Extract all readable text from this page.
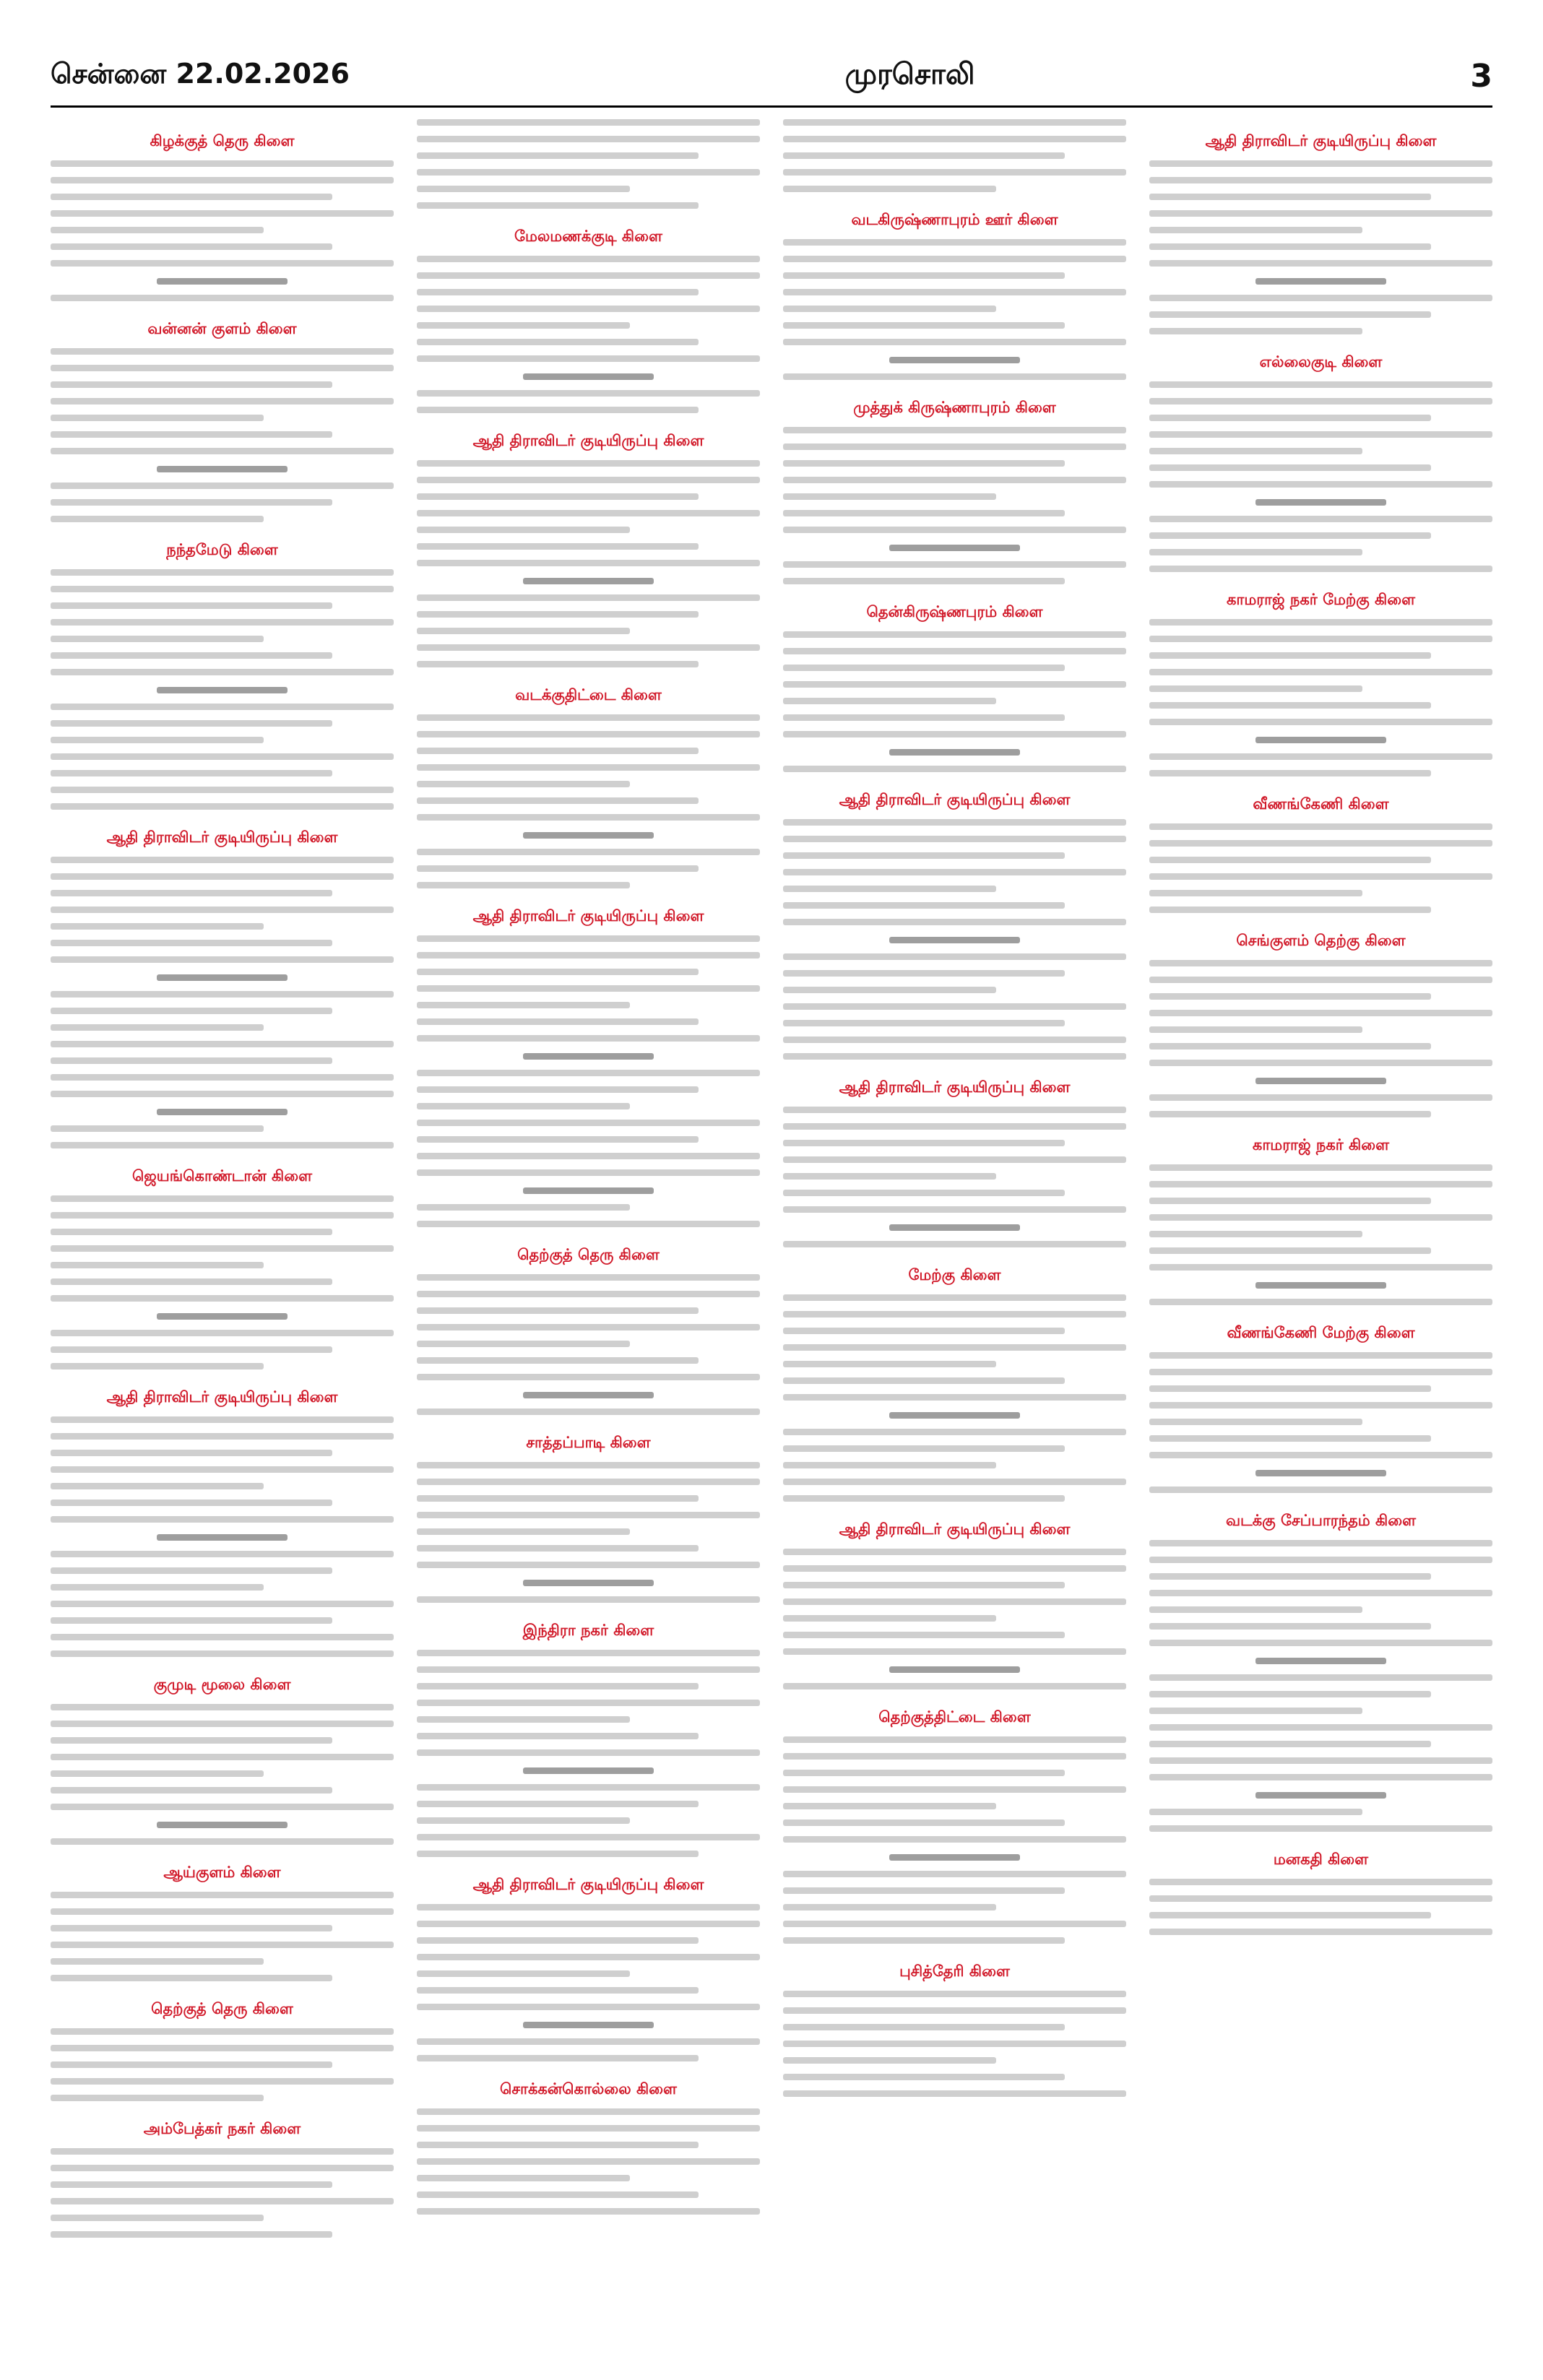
சென்னை 22.02.2026	முரசொலி	3
கிழக்குத் தெரு கிளை
வன்னன் குளம் கிளை
நந்தமேடு கிளை
ஆதி திராவிடர் குடியிருப்பு கிளை
ஜெயங்கொண்டான் கிளை
ஆதி திராவிடர் குடியிருப்பு கிளை
குமுடி மூலை கிளை
ஆய்குளம் கிளை
தெற்குத் தெரு கிளை
அம்பேத்கர் நகர் கிளை
மேலமணக்குடி கிளை
ஆதி திராவிடர் குடியிருப்பு கிளை
வடக்குதிட்டை கிளை
ஆதி திராவிடர் குடியிருப்பு கிளை
தெற்குத் தெரு கிளை
சாத்தப்பாடி கிளை
இந்திரா நகர் கிளை
ஆதி திராவிடர் குடியிருப்பு கிளை
சொக்கன்கொல்லை கிளை
வடகிருஷ்ணாபுரம் ஊர் கிளை
முத்துக் கிருஷ்ணாபுரம் கிளை
தென்கிருஷ்ணபுரம் கிளை
ஆதி திராவிடர் குடியிருப்பு கிளை
ஆதி திராவிடர் குடியிருப்பு கிளை
மேற்கு கிளை
ஆதி திராவிடர் குடியிருப்பு கிளை
தெற்குத்திட்டை கிளை
புசித்தேரி கிளை
ஆதி திராவிடர் குடியிருப்பு கிளை
எல்லைகுடி கிளை
காமராஜ் நகர் மேற்கு கிளை
வீணங்கேணி கிளை
செங்குளம் தெற்கு கிளை
காமராஜ் நகர் கிளை
வீணங்கேணி மேற்கு கிளை
வடக்கு சேப்பாரந்தம் கிளை
மனகதி கிளை
